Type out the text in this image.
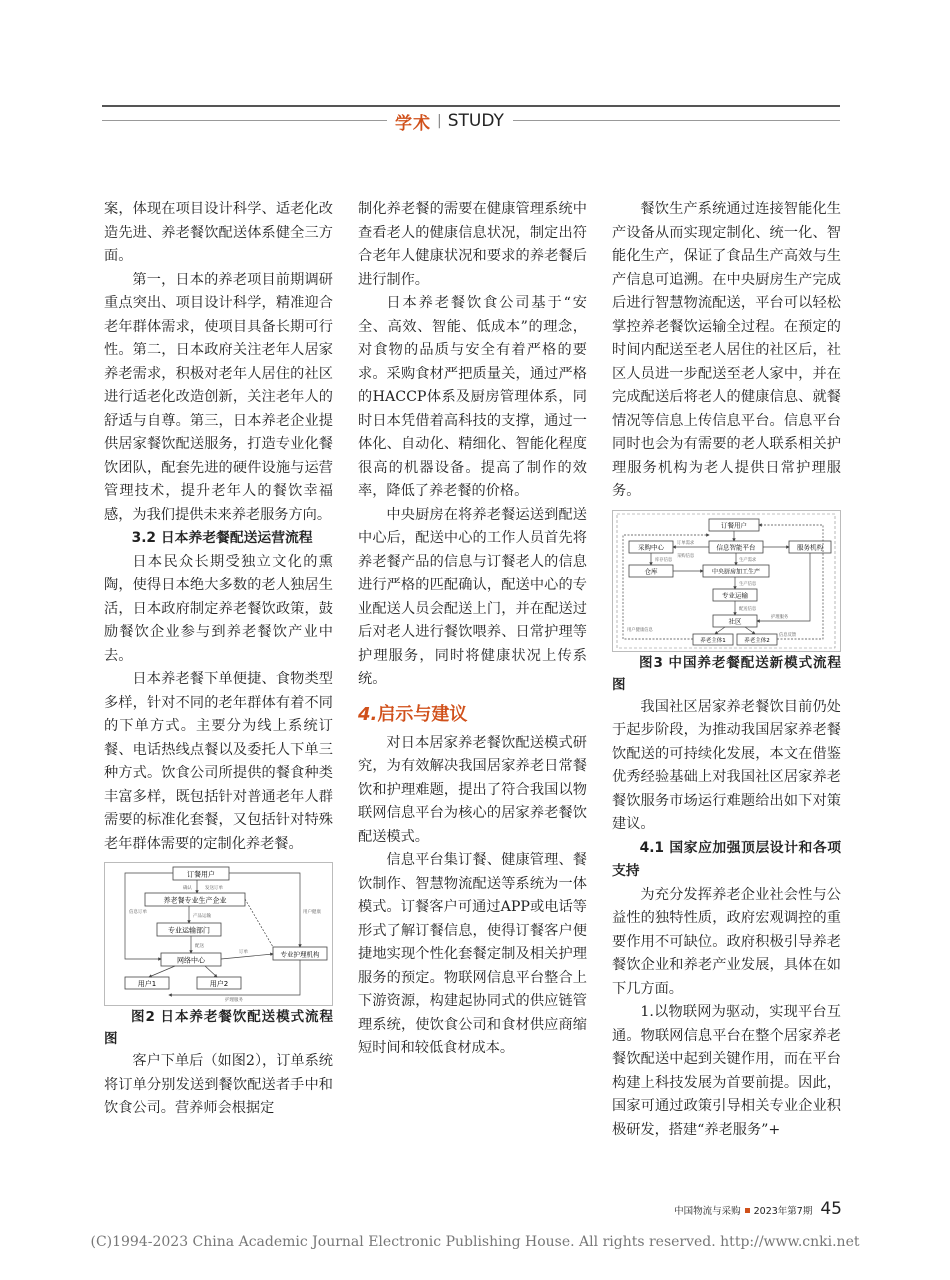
学术 | STUDY

案，体现在项目设计科学、适老化改造先进、养老餐饮配送体系健全三方面。

第一，日本的养老项目前期调研重点突出、项目设计科学，精准迎合老年群体需求，使项目具备长期可行性。第二，日本政府关注老年人居家养老需求，积极对老年人居住的社区进行适老化改造创新，关注老年人的舒适与自尊。第三，日本养老企业提供居家餐饮配送服务，打造专业化餐饮团队，配套先进的硬件设施与运营管理技术，提升老年人的餐饮幸福感，为我们提供未来养老服务方向。

3.2 日本养老餐配送运营流程

日本民众长期受独立文化的熏陶，使得日本绝大多数的老人独居生活，日本政府制定养老餐饮政策，鼓励餐饮企业参与到养老餐饮产业中去。

日本养老餐下单便捷、食物类型多样，针对不同的老年群体有着不同的下单方式。主要分为线上系统订餐、电话热线点餐以及委托人下单三种方式。饮食公司所提供的餐食种类丰富多样，既包括针对普通老年人群需要的标准化套餐，又包括针对特殊老年群体需要的定制化养老餐。

订餐用户
养老餐专业生产企业
专业运输部门
网络中心
专业护理机构
用户1	用户2
确认	发送订单
信息订单
产品运输
配送
用户健康
订单
护理服务

图2 日本养老餐饮配送模式流程图

客户下单后（如图2），订单系统将订单分别发送到餐饮配送者手中和饮食公司。营养师会根据定

制化养老餐的需要在健康管理系统中查看老人的健康信息状况，制定出符合老年人健康状况和要求的养老餐后进行制作。

日本养老餐饮食公司基于“安全、高效、智能、低成本”的理念，对食物的品质与安全有着严格的要求。采购食材严把质量关，通过严格的HACCP体系及厨房管理体系，同时日本凭借着高科技的支撑，通过一体化、自动化、精细化、智能化程度很高的机器设备。提高了制作的效率，降低了养老餐的价格。

中央厨房在将养老餐运送到配送中心后，配送中心的工作人员首先将养老餐产品的信息与订餐老人的信息进行严格的匹配确认，配送中心的专业配送人员会配送上门，并在配送过后对老人进行餐饮喂养、日常护理等护理服务，同时将健康状况上传系统。

4.启示与建议

对日本居家养老餐饮配送模式研究，为有效解决我国居家养老日常餐饮和护理难题，提出了符合我国以物联网信息平台为核心的居家养老餐饮配送模式。

信息平台集订餐、健康管理、餐饮制作、智慧物流配送等系统为一体模式。订餐客户可通过APP或电话等形式了解订餐信息，使得订餐客户便捷地实现个性化套餐定制及相关护理服务的预定。物联网信息平台整合上下游资源，构建起协同式的供应链管理系统，使饮食公司和食材供应商缩短时间和较低食材成本。

餐饮生产系统通过连接智能化生产设备从而实现定制化、统一化、智能化生产，保证了食品生产高效与生产信息可追溯。在中央厨房生产完成后进行智慧物流配送，平台可以轻松掌控养老餐饮运输全过程。在预定的时间内配送至老人居住的社区后，社区人员进一步配送至老人家中，并在完成配送后将老人的健康信息、就餐情况等信息上传信息平台。信息平台同时也会为有需要的老人联系相关护理服务机构为老人提供日常护理服务。

订餐用户
采购中心	信息智能平台	服务机构
仓库	中央厨房加工生产
专业运输
社区
养老主体1	养老主体2
订单需求
采购信息
库存信息	生产需求
生产信息
配送信息
护理服务
信息反馈
用户健康信息

图3 中国养老餐配送新模式流程图

我国社区居家养老餐饮目前仍处于起步阶段，为推动我国居家养老餐饮配送的可持续化发展，本文在借鉴优秀经验基础上对我国社区居家养老餐饮服务市场运行难题给出如下对策建议。

4.1 国家应加强顶层设计和各项支持

为充分发挥养老企业社会性与公益性的独特性质，政府宏观调控的重要作用不可缺位。政府积极引导养老餐饮企业和养老产业发展，具体在如下几方面。

1.以物联网为驱动，实现平台互通。物联网信息平台在整个居家养老餐饮配送中起到关键作用，而在平台构建上科技发展为首要前提。因此，国家可通过政策引导相关专业企业积极研发，搭建“养老服务”+

中国物流与采购 2023年第7期 45
(C)1994-2023 China Academic Journal Electronic Publishing House. All rights reserved. http://www.cnki.net
